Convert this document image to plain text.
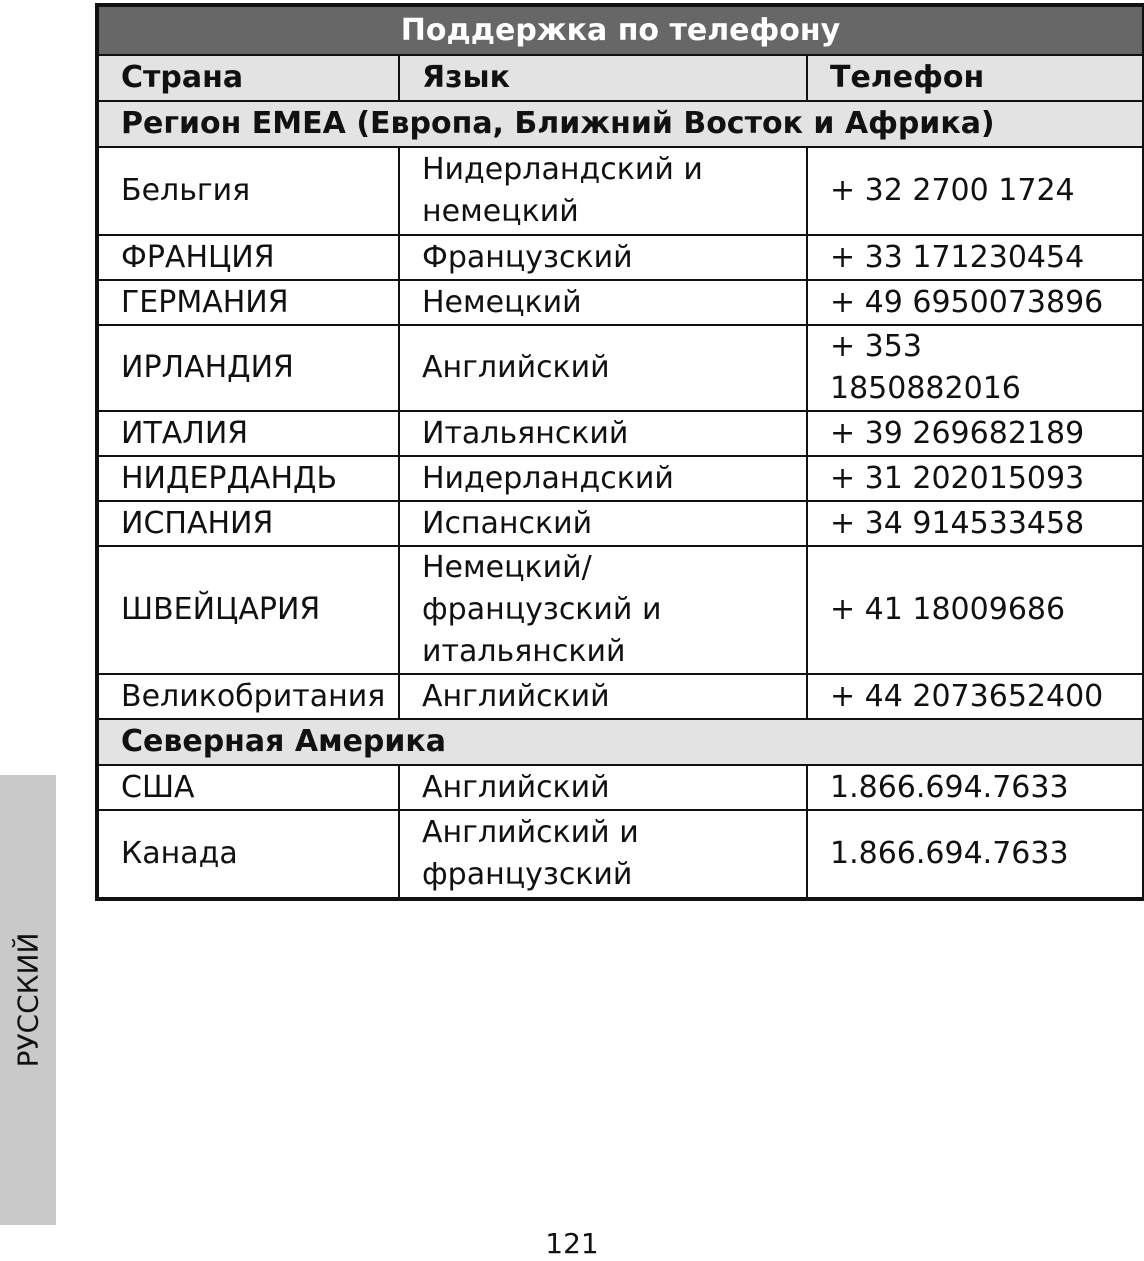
Поддержка по телефону		
Страна	Язык	Телефон
Регион EMEA (Европа, Ближний Восток и Африка)		
Бельгия	Нидерландский и немецкий	+ 32 2700 1724
ФРАНЦИЯ	Французский	+ 33 171230454
ГЕРМАНИЯ	Немецкий	+ 49 6950073896
ИРЛАНДИЯ	Английский	+ 353 1850882016
ИТАЛИЯ	Итальянский	+ 39 269682189
НИДЕРДАНДЬ	Нидерландский	+ 31 202015093
ИСПАНИЯ	Испанский	+ 34 914533458
ШВЕЙЦАРИЯ	Немецкий/ французский и итальянский	+ 41 18009686
Великобритания	Английский	+ 44 2073652400
Северная Америка		
США	Английский	1.866.694.7633
Канада	Английский и французский	1.866.694.7633
РУССКИЙ
121
